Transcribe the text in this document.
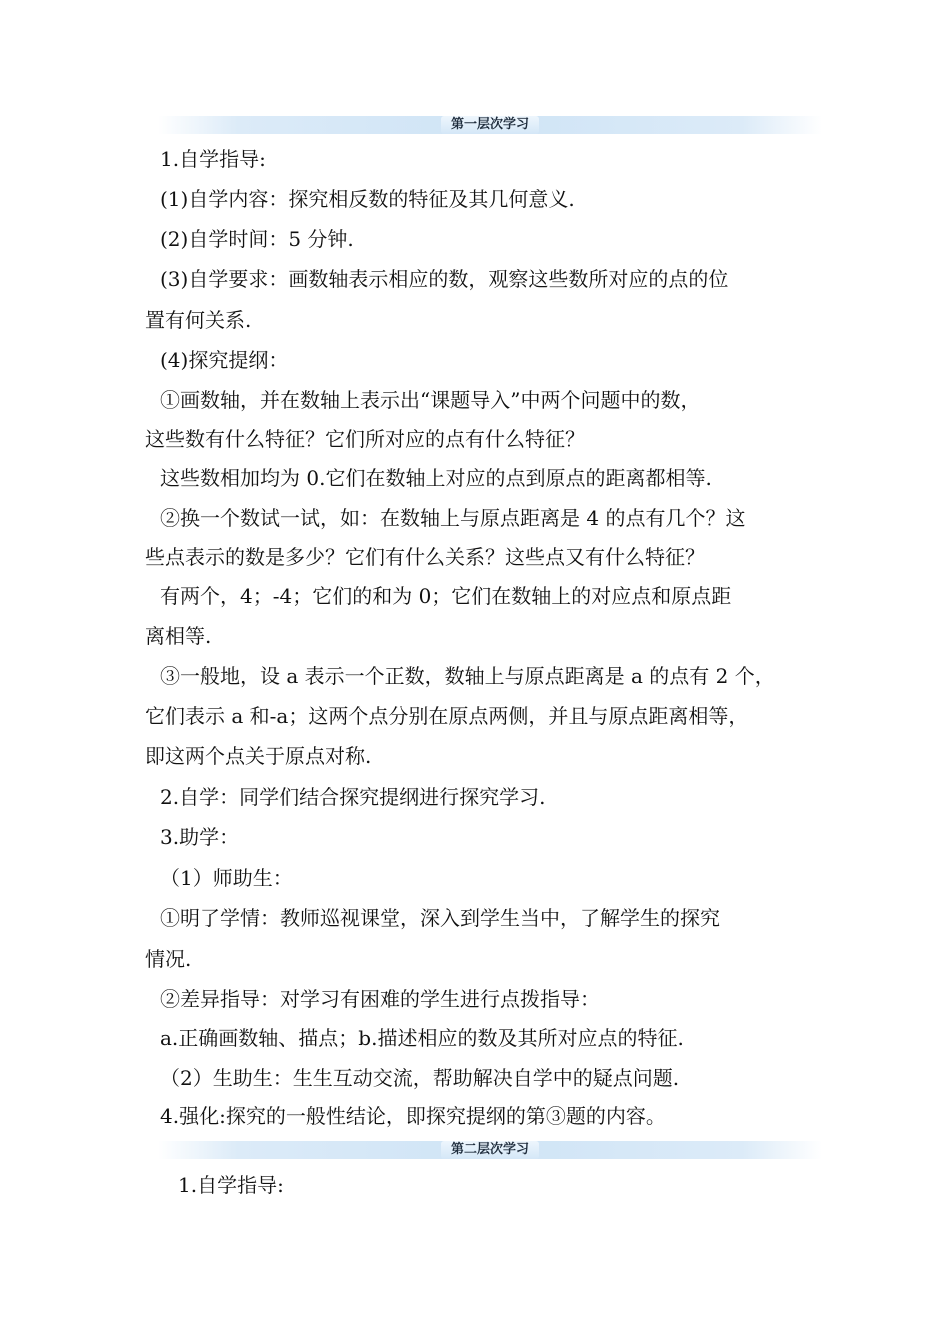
第一层次学习

1.自学指导:

(1)自学内容：探究相反数的特征及其几何意义.

(2)自学时间：5 分钟.

(3)自学要求：画数轴表示相应的数，观察这些数所对应的点的位

置有何关系.

(4)探究提纲：

①画数轴，并在数轴上表示出“课题导入”中两个问题中的数，

这些数有什么特征？它们所对应的点有什么特征？

这些数相加均为 0.它们在数轴上对应的点到原点的距离都相等.

②换一个数试一试，如：在数轴上与原点距离是 4 的点有几个？这

些点表示的数是多少？它们有什么关系？这些点又有什么特征？

有两个，4；-4；它们的和为 0；它们在数轴上的对应点和原点距

离相等.

③一般地，设 a 表示一个正数，数轴上与原点距离是 a 的点有 2 个，

它们表示 a 和-a；这两个点分别在原点两侧，并且与原点距离相等，

即这两个点关于原点对称.

2.自学：同学们结合探究提纲进行探究学习.

3.助学：

（1）师助生：

①明了学情：教师巡视课堂，深入到学生当中，了解学生的探究

情况.

②差异指导：对学习有困难的学生进行点拨指导：

a.正确画数轴、描点；b.描述相应的数及其所对应点的特征.

（2）生助生：生生互动交流，帮助解决自学中的疑点问题.

4.强化:探究的一般性结论，即探究提纲的第③题的内容。

第二层次学习

1.自学指导:
